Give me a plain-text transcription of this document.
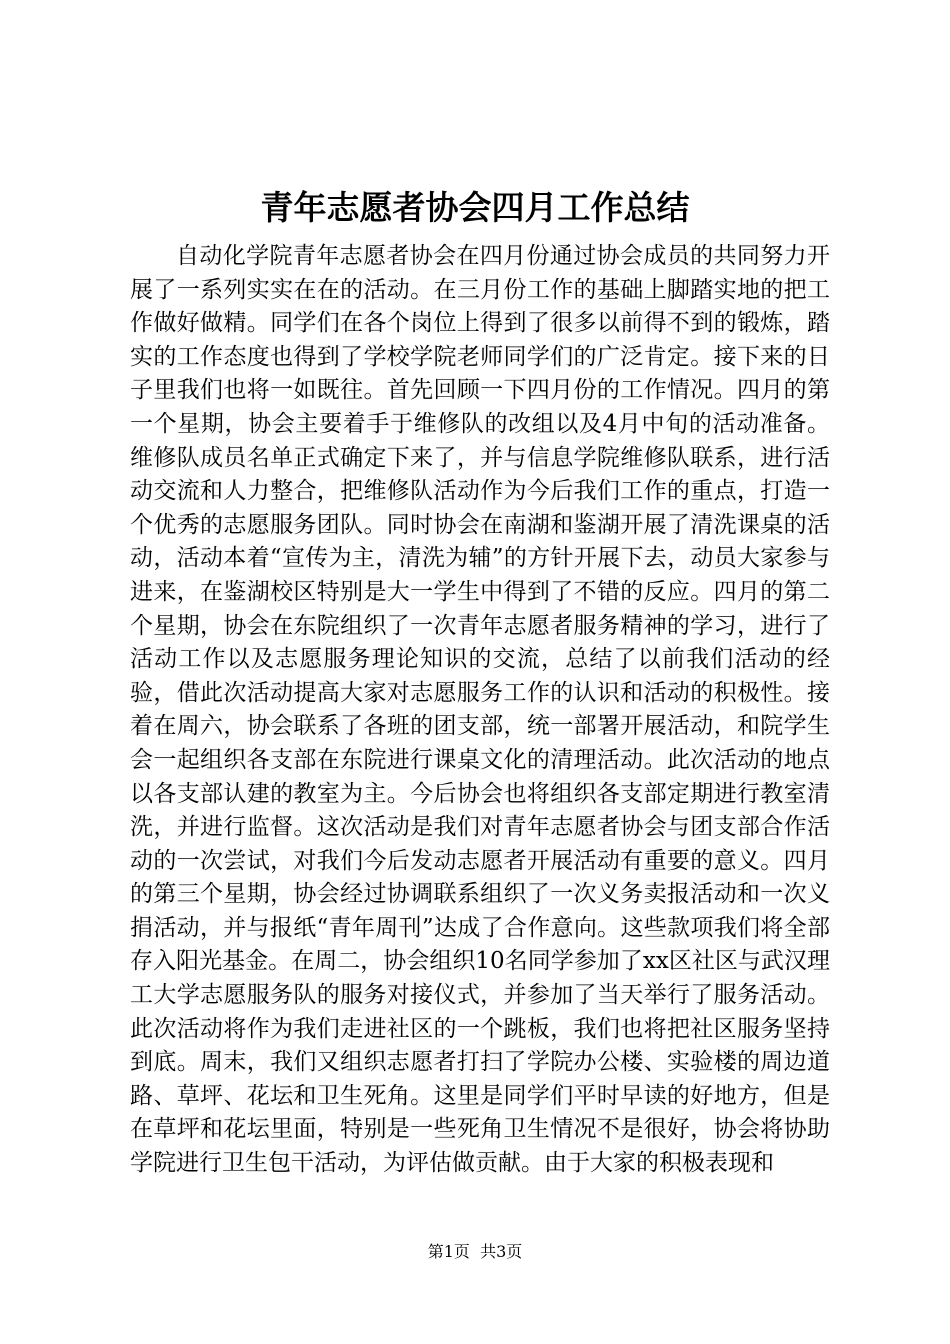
青年志愿者协会四月工作总结

自动化学院青年志愿者协会在四月份通过协会成员的共同努力开展了一系列实实在在的活动。在三月份工作的基础上脚踏实地的把工作做好做精。同学们在各个岗位上得到了很多以前得不到的锻炼，踏实的工作态度也得到了学校学院老师同学们的广泛肯定。接下来的日子里我们也将一如既往。首先回顾一下四月份的工作情况。四月的第一个星期，协会主要着手于维修队的改组以及4月中旬的活动准备。维修队成员名单正式确定下来了，并与信息学院维修队联系，进行活动交流和人力整合，把维修队活动作为今后我们工作的重点，打造一个优秀的志愿服务团队。同时协会在南湖和鉴湖开展了清洗课桌的活动，活动本着“宣传为主，清洗为辅”的方针开展下去，动员大家参与进来，在鉴湖校区特别是大一学生中得到了不错的反应。四月的第二个星期，协会在东院组织了一次青年志愿者服务精神的学习，进行了活动工作以及志愿服务理论知识的交流，总结了以前我们活动的经验，借此次活动提高大家对志愿服务工作的认识和活动的积极性。接着在周六，协会联系了各班的团支部，统一部署开展活动，和院学生会一起组织各支部在东院进行课桌文化的清理活动。此次活动的地点以各支部认建的教室为主。今后协会也将组织各支部定期进行教室清洗，并进行监督。这次活动是我们对青年志愿者协会与团支部合作活动的一次尝试，对我们今后发动志愿者开展活动有重要的意义。四月的第三个星期，协会经过协调联系组织了一次义务卖报活动和一次义捐活动，并与报纸“青年周刊”达成了合作意向。这些款项我们将全部存入阳光基金。在周二，协会组织10名同学参加了xx区社区与武汉理工大学志愿服务队的服务对接仪式，并参加了当天举行了服务活动。此次活动将作为我们走进社区的一个跳板，我们也将把社区服务坚持到底。周末，我们又组织志愿者打扫了学院办公楼、实验楼的周边道路、草坪、花坛和卫生死角。这里是同学们平时早读的好地方，但是在草坪和花坛里面，特别是一些死角卫生情况不是很好，协会将协助学院进行卫生包干活动，为评估做贡献。由于大家的积极表现和

第1页  共3页
